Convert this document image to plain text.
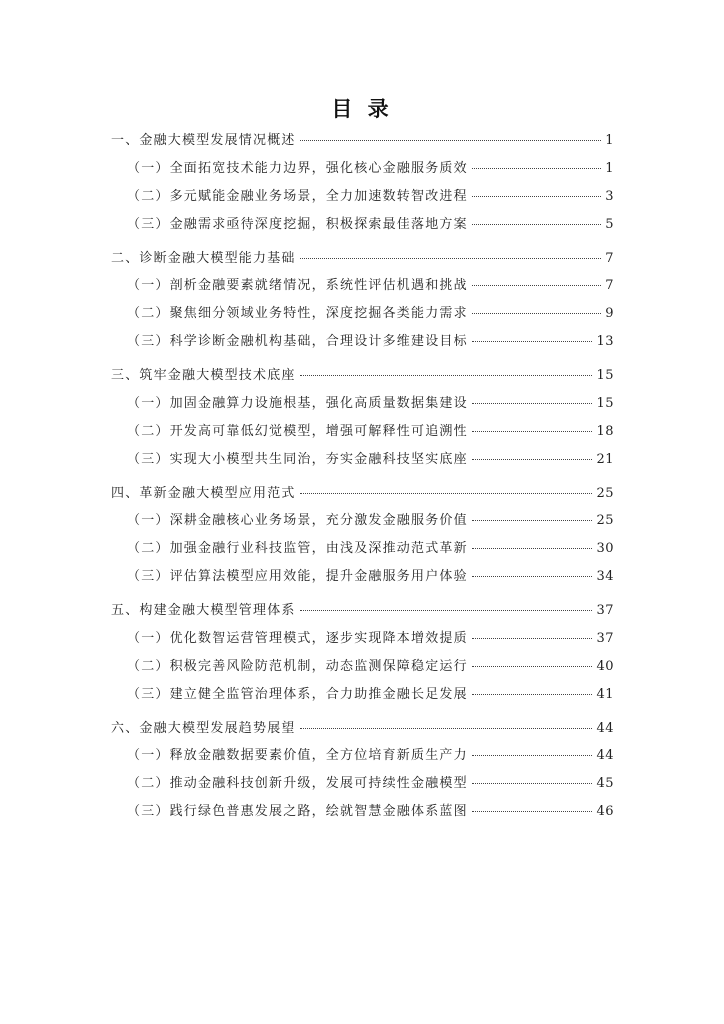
目 录
一、金融大模型发展情况概述	1
（一）全面拓宽技术能力边界，强化核心金融服务质效	1
（二）多元赋能金融业务场景，全力加速数转智改进程	3
（三）金融需求亟待深度挖掘，积极探索最佳落地方案	5
二、诊断金融大模型能力基础	7
（一）剖析金融要素就绪情况，系统性评估机遇和挑战	7
（二）聚焦细分领域业务特性，深度挖掘各类能力需求	9
（三）科学诊断金融机构基础，合理设计多维建设目标	13
三、筑牢金融大模型技术底座	15
（一）加固金融算力设施根基，强化高质量数据集建设	15
（二）开发高可靠低幻觉模型，增强可解释性可追溯性	18
（三）实现大小模型共生同治，夯实金融科技坚实底座	21
四、革新金融大模型应用范式	25
（一）深耕金融核心业务场景，充分激发金融服务价值	25
（二）加强金融行业科技监管，由浅及深推动范式革新	30
（三）评估算法模型应用效能，提升金融服务用户体验	34
五、构建金融大模型管理体系	37
（一）优化数智运营管理模式，逐步实现降本增效提质	37
（二）积极完善风险防范机制，动态监测保障稳定运行	40
（三）建立健全监管治理体系，合力助推金融长足发展	41
六、金融大模型发展趋势展望	44
（一）释放金融数据要素价值，全方位培育新质生产力	44
（二）推动金融科技创新升级，发展可持续性金融模型	45
（三）践行绿色普惠发展之路，绘就智慧金融体系蓝图	46
